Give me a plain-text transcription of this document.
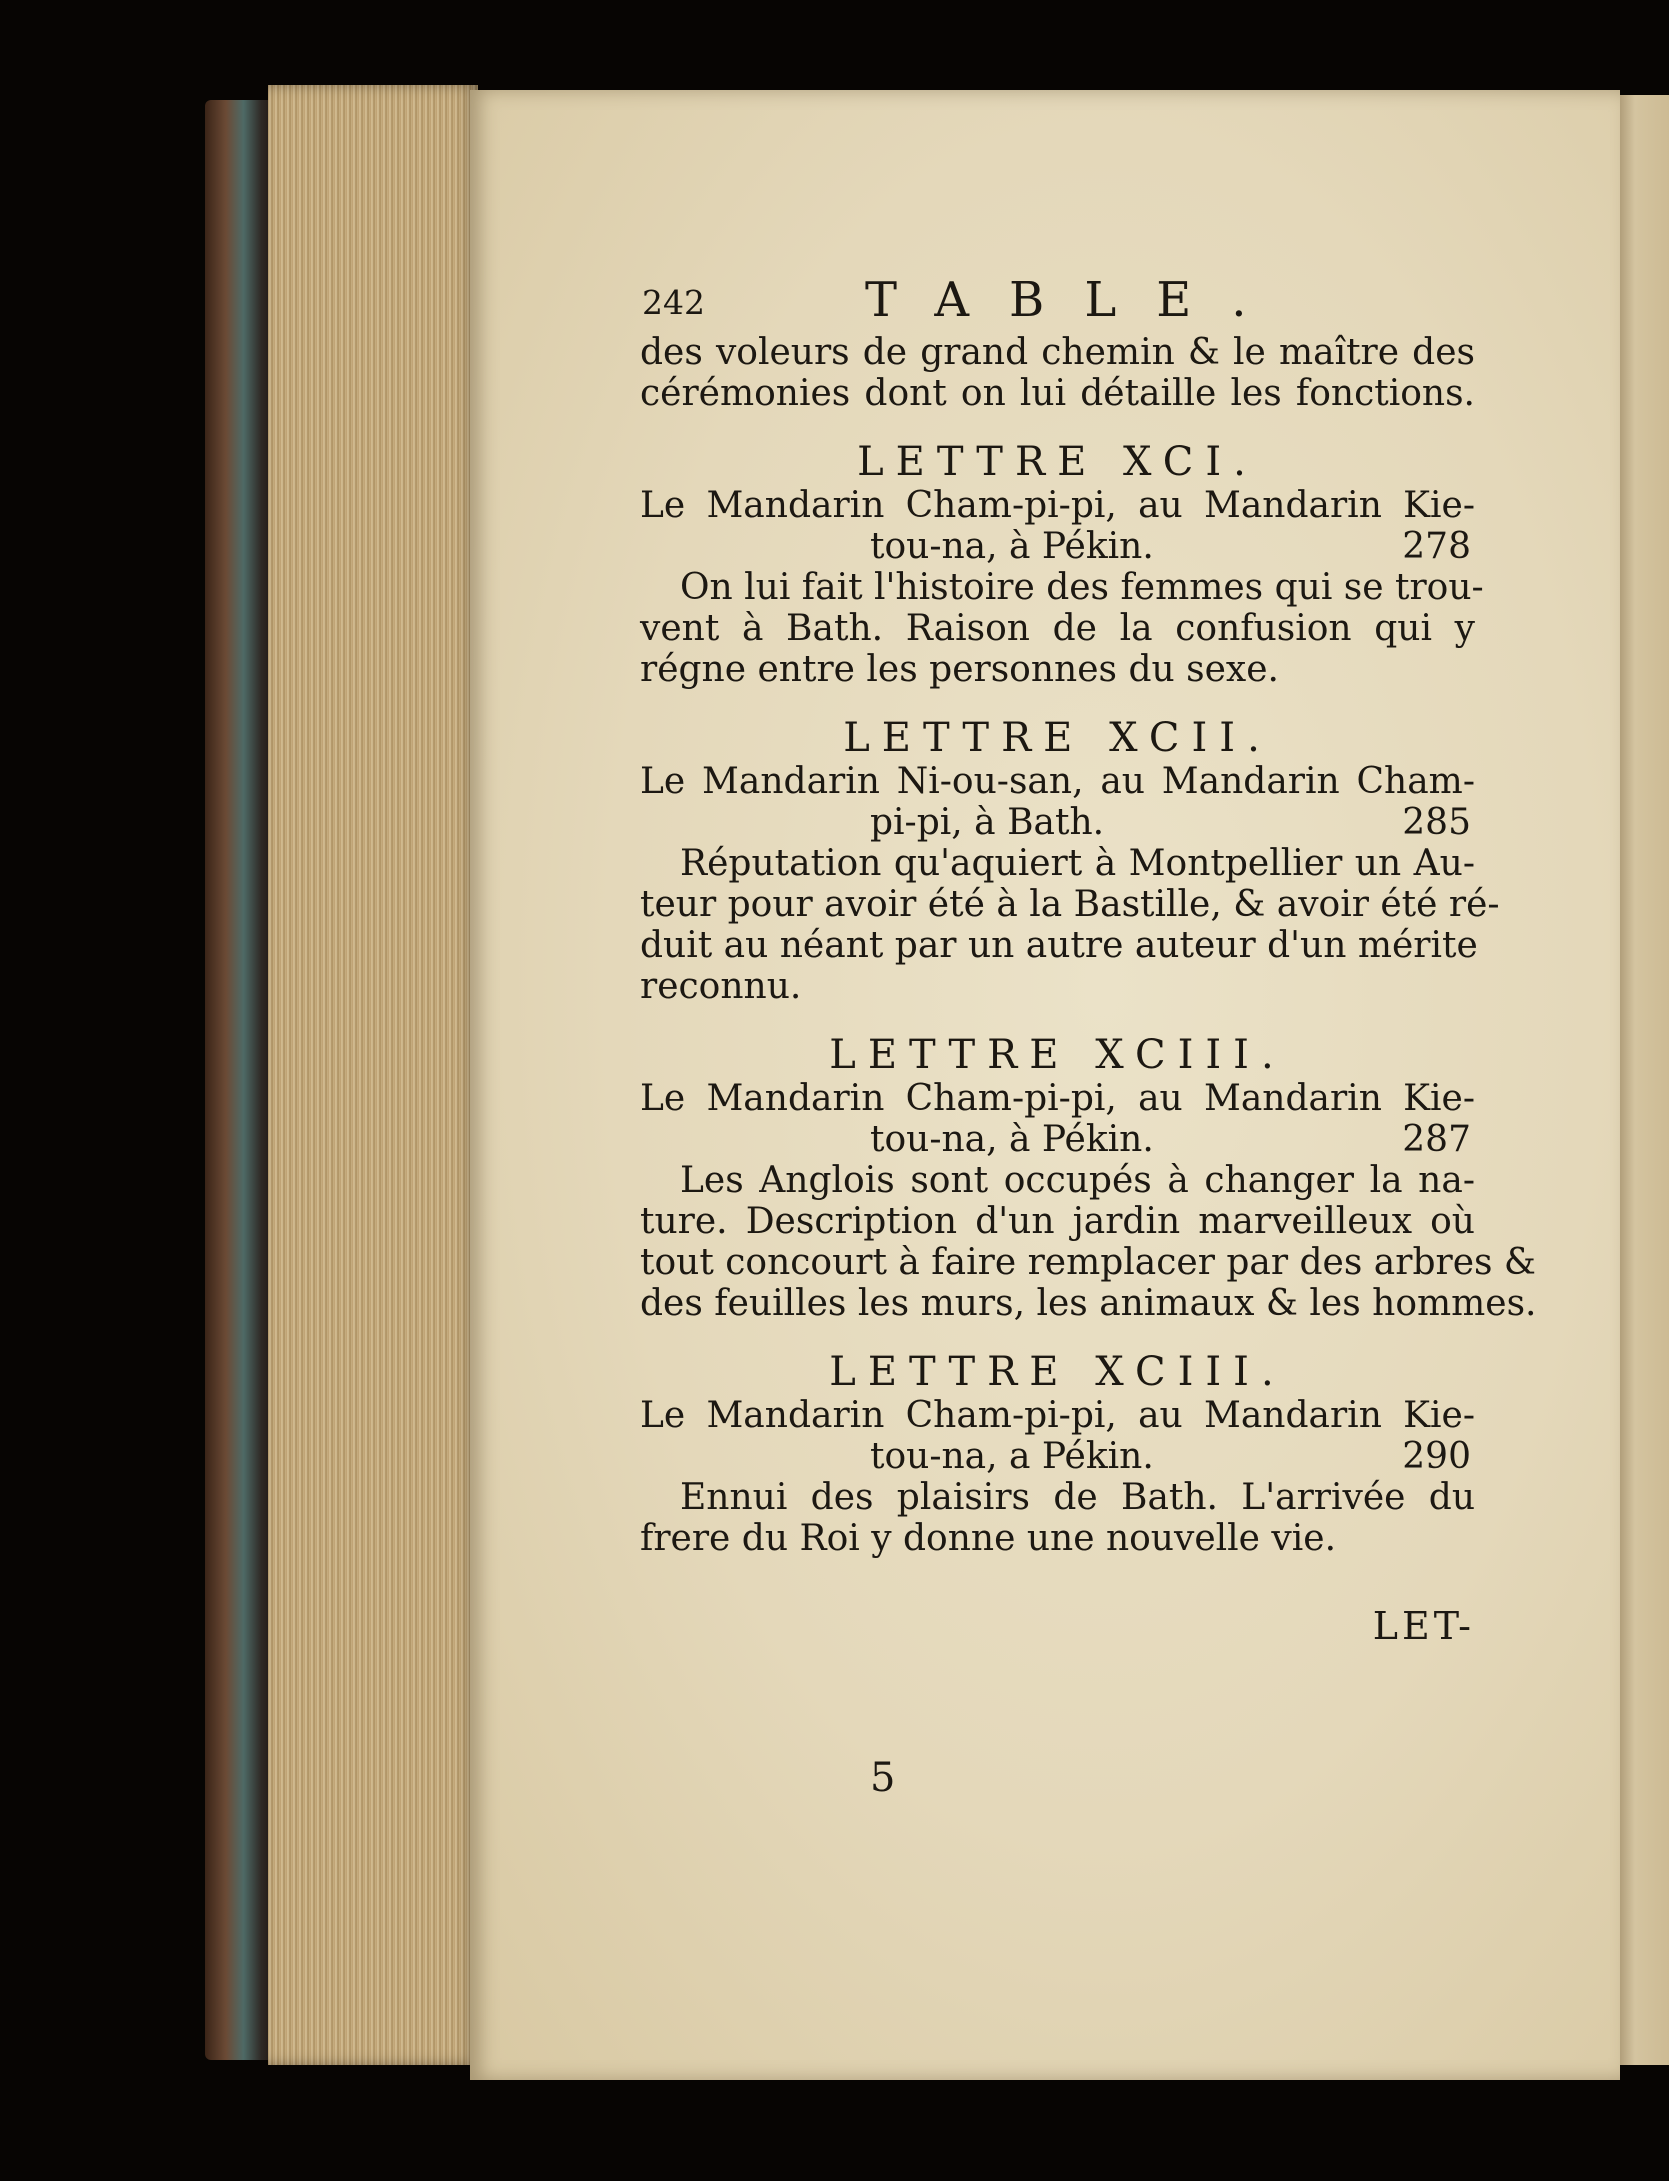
242	TABLE.
des voleurs de grand chemin & le maître des
cérémonies dont on lui détaille les fonctions.
LETTRE XCI.
Le Mandarin Cham-pi-pi, au Mandarin Kie-
tou-na, à Pékin.	278
On lui fait l'histoire des femmes qui se trou-
vent à Bath. Raison de la confusion qui y
régne entre les personnes du sexe.
LETTRE XCII.
Le Mandarin Ni-ou-san, au Mandarin Cham-
pi-pi, à Bath.	285
Réputation qu'aquiert à Montpellier un Au-
teur pour avoir été à la Bastille, & avoir été ré-
duit au néant par un autre auteur d'un mérite
reconnu.
LETTRE XCIII.
Le Mandarin Cham-pi-pi, au Mandarin Kie-
tou-na, à Pékin.	287
Les Anglois sont occupés à changer la na-
ture. Description d'un jardin marveilleux où
tout concourt à faire remplacer par des arbres &
des feuilles les murs, les animaux & les hommes.
LETTRE XCIII.
Le Mandarin Cham-pi-pi, au Mandarin Kie-
tou-na, a Pékin.	290
Ennui des plaisirs de Bath. L'arrivée du
frere du Roi y donne une nouvelle vie.
LET-
5
